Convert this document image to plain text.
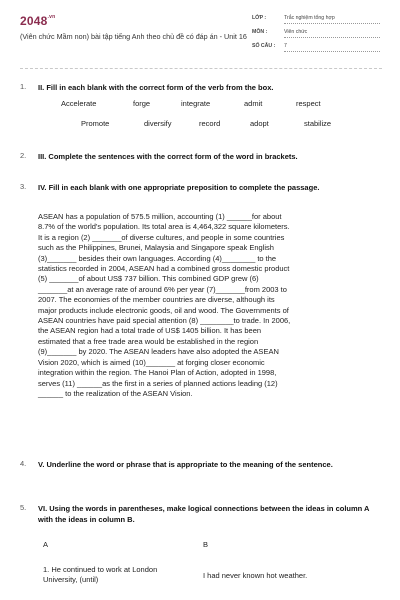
$2048^{.vn}$
(Viên chức Mầm non) bài tập tiếng Anh theo chủ đề có đáp án - Unit 16
LỚP :	Trắc nghiệm tổng hợp
MÔN :	Viên chức
SỐ CÂU : 7
1. II. Fill in each blank with the correct form of the verb from the box.
Accelerate	forge	integrate	admit	respect
Promote	diversify	record	adopt	stabilize
2. III. Complete the sentences with the correct form of the word in brackets.
3. IV. Fill in each blank with one appropriate preposition to complete the passage.

ASEAN has a population of 575.5 million, accounting (1) ______for about

8.7% of the world's population. Its total area is 4,464,322 square kilometers.

It is a region (2) _______of diverse cultures, and people in some countries

such as the Philippines, Brunei, Malaysia and Singapore speak English

(3)_______ besides their own languages. According (4)________ to the

statistics recorded in 2004, ASEAN had a combined gross domestic product

(5) _______of about US$ 737 billion. This combined GDP grew (6)

_______at an average rate of around 6% per year (7)_______from 2003 to

2007. The economies of the member countries are diverse, although its

major products include electronic goods, oil and wood. The Governments of

ASEAN countries have paid special attention (8) ________to trade. In 2006,

the ASEAN region had a total trade of US$ 1405 billion. It has been

estimated that a free trade area would be established in the region

(9)_______ by 2020. The ASEAN leaders have also adopted the ASEAN

Vision 2020, which is aimed (10)_______ at forging closer economic

integration within the region. The Hanoi Plan of Action, adopted in 1998,

serves (11) ______as the first in a series of planned actions leading (12)

______ to the realization of the ASEAN Vision.

4. V. Underline the word or phrase that is appropriate to the meaning of the sentence.
5. VI. Using the words in parentheses, make logical connections between the ideas in column A with the ideas in column B.
A	B
1. He continued to work at London
University, (until)	I had never known hot weather.
